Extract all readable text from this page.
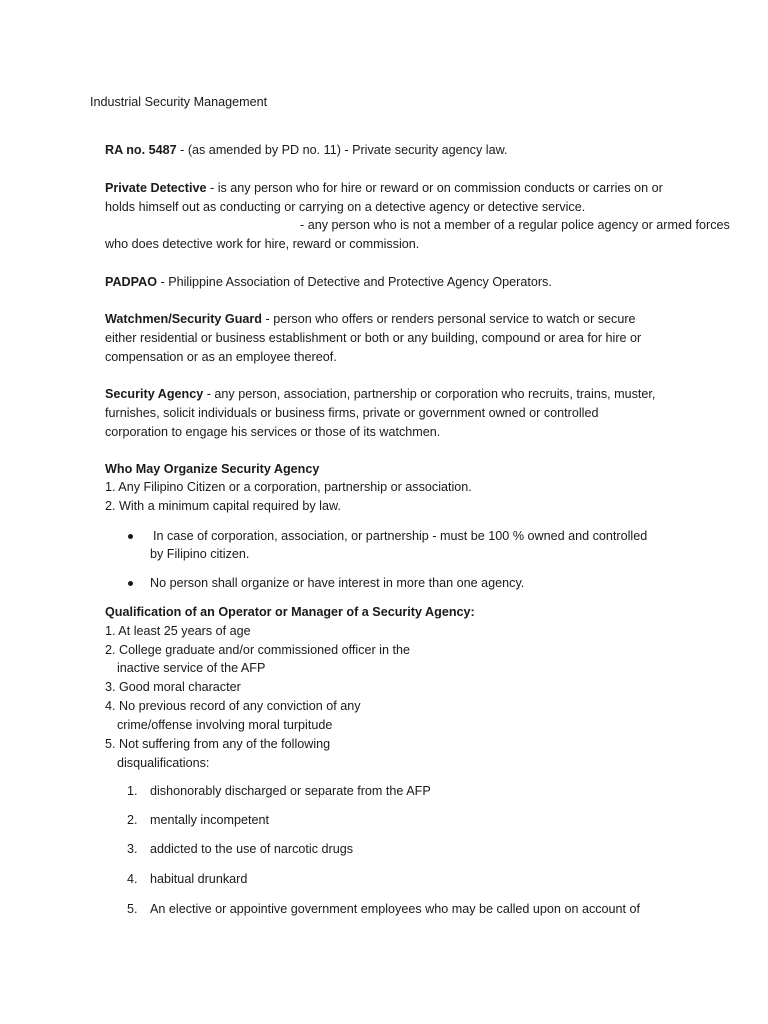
Industrial Security Management
RA no. 5487 - (as amended by PD no. 11) - Private security agency law.
Private Detective - is any person who for hire or reward or on commission conducts or carries on or
holds himself out as conducting or carrying on a detective agency or detective service.
- any person who is not a member of a regular police agency or armed forces
who does detective work for hire, reward or commission.
PADPAO - Philippine Association of Detective and Protective Agency Operators.
Watchmen/Security Guard - person who offers or renders personal service to watch or secure
either residential or business establishment or both or any building, compound or area for hire or
compensation or as an employee thereof.
Security Agency - any person, association, partnership or corporation who recruits, trains, muster,
furnishes, solicit individuals or business firms, private or government owned or controlled
corporation to engage his services or those of its watchmen.
Who May Organize Security Agency
1. Any Filipino Citizen or a corporation, partnership or association.
2. With a minimum capital required by law.
In case of corporation, association, or partnership - must be 100 % owned and controlled
by Filipino citizen.
No person shall organize or have interest in more than one agency.
Qualification of an Operator or Manager of a Security Agency:
1. At least 25 years of age
2. College graduate and/or commissioned officer in the
inactive service of the AFP
3. Good moral character
4. No previous record of any conviction of any
crime/offense involving moral turpitude
5. Not suffering from any of the following
disqualifications:
1. dishonorably discharged or separate from the AFP
2. mentally incompetent
3. addicted to the use of narcotic drugs
4. habitual drunkard
5. An elective or appointive government employees who may be called upon on account of
